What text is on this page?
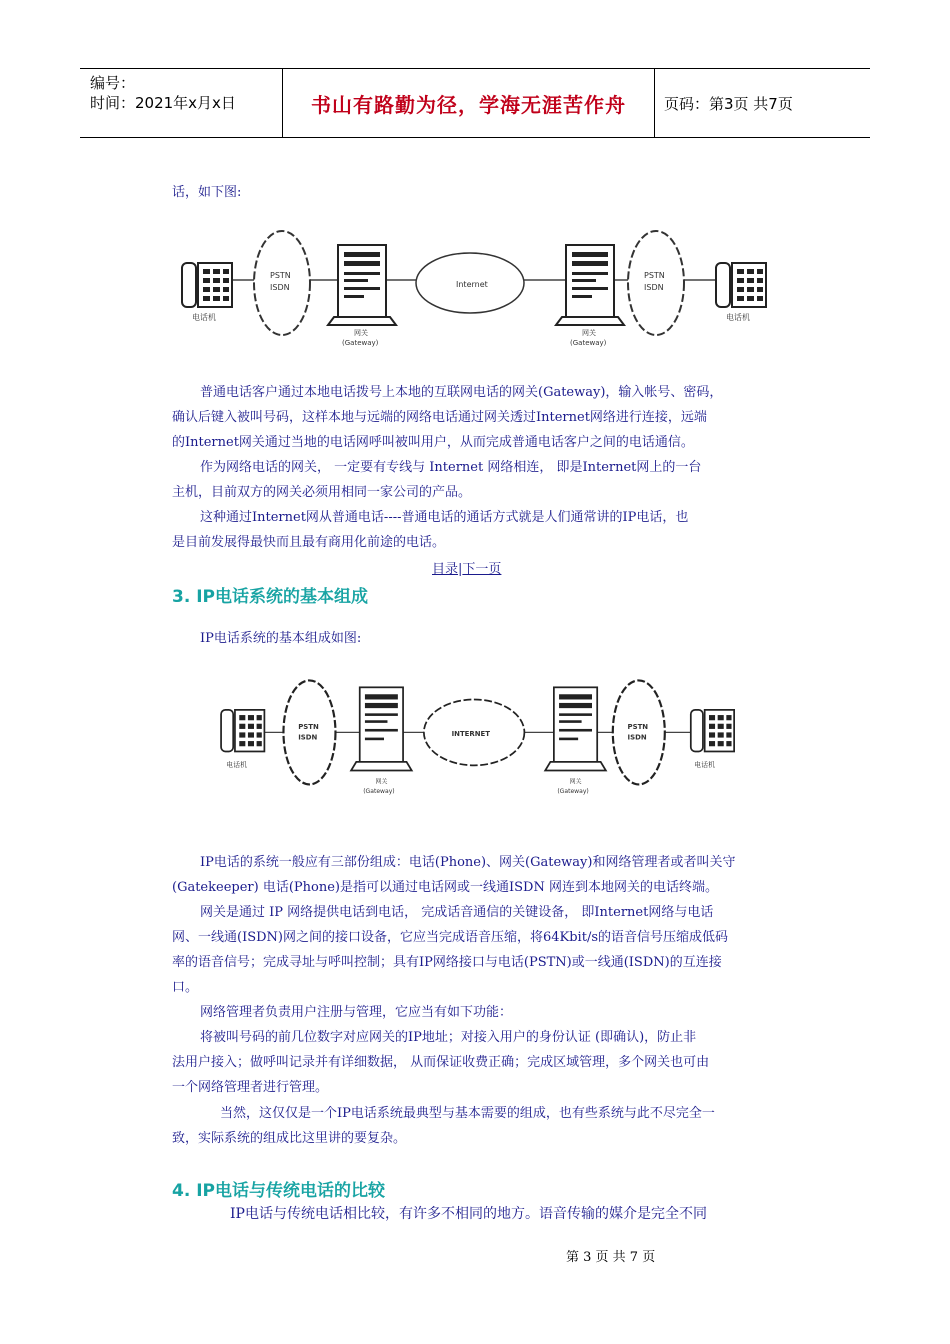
编号：
时间：2021年x月x日	书山有路勤为径，学海无涯苦作舟	页码：第3页 共7页

话，如下图:

电话机
PSTN
ISDN
网关
(Gateway)
Internet
网关
(Gateway)
PSTN
ISDN
电话机

普通电话客户通过本地电话拨号上本地的互联网电话的网关(Gateway)，输入帐号、密码，

确认后键入被叫号码，这样本地与远端的网络电话通过网关透过Internet网络进行连接，远端

的Internet网关通过当地的电话网呼叫被叫用户，从而完成普通电话客户之间的电话通信。

作为网络电话的网关， 一定要有专线与 Internet 网络相连， 即是Internet网上的一台

主机，目前双方的网关必须用相同一家公司的产品。

这种通过Internet网从普通电话----普通电话的通话方式就是人们通常讲的IP电话，也

是目前发展得最快而且最有商用化前途的电话。

目录|下一页
3. IP电话系统的基本组成

IP电话系统的基本组成如图:

电话机
PSTN
ISDN
网关
(Gateway)
INTERNET
网关
(Gateway)
PSTN
ISDN
电话机

IP电话的系统一般应有三部份组成：电话(Phone)、网关(Gateway)和网络管理者或者叫关守

(Gatekeeper) 电话(Phone)是指可以通过电话网或一线通ISDN 网连到本地网关的电话终端。

网关是通过 IP 网络提供电话到电话， 完成话音通信的关键设备， 即Internet网络与电话

网、一线通(ISDN)网之间的接口设备，它应当完成语音压缩，将64Kbit/s的语音信号压缩成低码

率的语音信号；完成寻址与呼叫控制；具有IP网络接口与电话(PSTN)或一线通(ISDN)的互连接

口。

网络管理者负责用户注册与管理，它应当有如下功能：

将被叫号码的前几位数字对应网关的IP地址；对接入用户的身份认证 (即确认)，防止非

法用户接入；做呼叫记录并有详细数据， 从而保证收费正确；完成区域管理，多个网关也可由

一个网络管理者进行管理。

当然，这仅仅是一个IP电话系统最典型与基本需要的组成，也有些系统与此不尽完全一

致，实际系统的组成比这里讲的要复杂。

4. IP电话与传统电话的比较

IP电话与传统电话相比较，有许多不相同的地方。语音传输的媒介是完全不同

第 3 页 共 7 页
